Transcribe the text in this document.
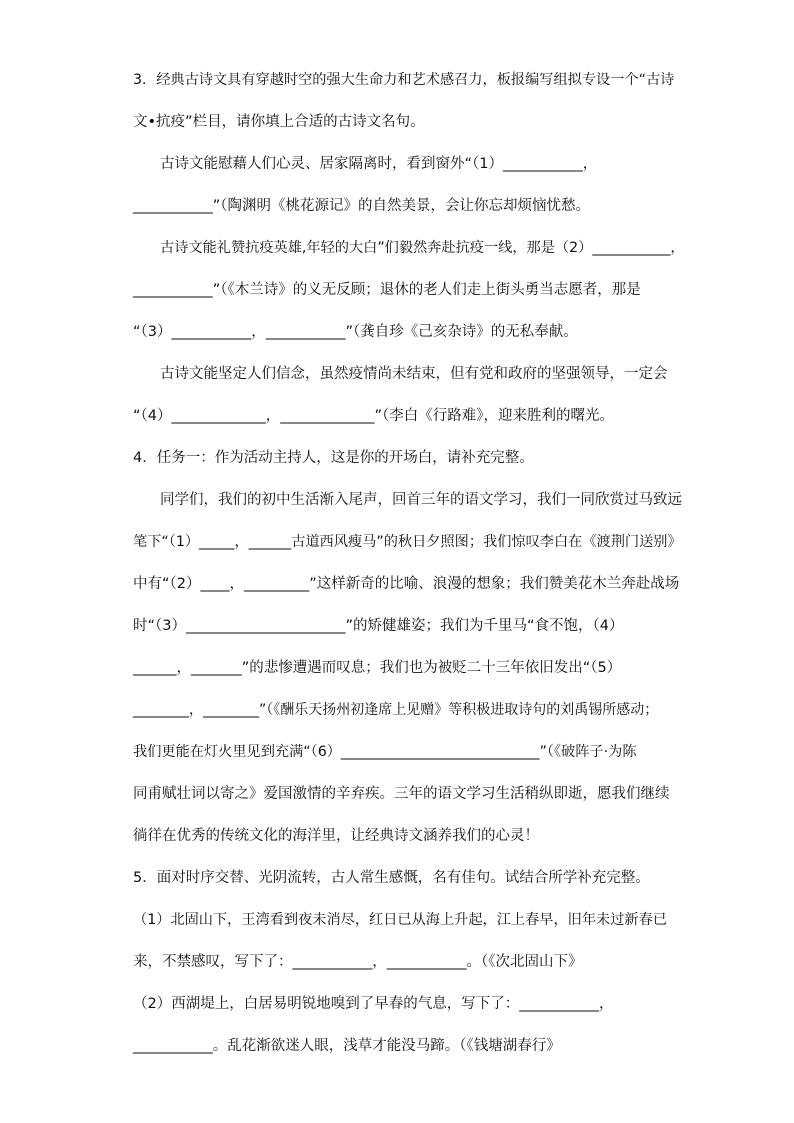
3．经典古诗文具有穿越时空的强大生命力和艺术感召力，板报编写组拟专设一个“古诗
文•抗疫”栏目，请你填上合适的古诗文名句。
古诗文能慰藉人们心灵、居家隔离时，看到窗外“（1）___________，
___________”（陶渊明《桃花源记》的自然美景，会让你忘却烦恼忧愁。
古诗文能礼赞抗疫英雄,年轻的大白”们毅然奔赴抗疫一线，那是（2）___________，
___________”（《木兰诗》的义无反顾；退休的老人们走上街头勇当志愿者，那是
“（3）___________，___________”（龚自珍《己亥杂诗》的无私奉献。
古诗文能坚定人们信念，虽然疫情尚未结束，但有党和政府的坚强领导，一定会
“（4）_____________，_____________”（李白《行路难》，迎来胜利的曙光。
4．任务一：作为活动主持人，这是你的开场白，请补充完整。
同学们，我们的初中生活渐入尾声，回首三年的语文学习，我们一同欣赏过马致远
笔下“（1）_____，______古道西风瘦马”的秋日夕照图；我们惊叹李白在《渡荆门送别》
中有“（2）____，_________”这样新奇的比喻、浪漫的想象；我们赞美花木兰奔赴战场
时“（3）______________________”的矫健雄姿；我们为千里马“食不饱，（4）
______，_______”的悲惨遭遇而叹息；我们也为被贬二十三年依旧发出“（5）
________，________”（《酬乐天扬州初逢席上见赠》等积极进取诗句的刘禹锡所感动；
我们更能在灯火里见到充满“（6）____________________________”（《破阵子·为陈
同甫赋壮词以寄之》爱国激情的辛弃疾。三年的语文学习生活稍纵即逝，愿我们继续
徜徉在优秀的传统文化的海洋里，让经典诗文涵养我们的心灵！
5．面对时序交替、光阴流转，古人常生感慨，名有佳句。试结合所学补充完整。
（1）北固山下，王湾看到夜未消尽，红日已从海上升起，江上春早，旧年未过新春已
来，不禁感叹，写下了：___________，___________。（《次北固山下》
（2）西湖堤上，白居易明锐地嗅到了早春的气息，写下了：___________，
___________。乱花渐欲迷人眼，浅草才能没马蹄。（《钱塘湖春行》
